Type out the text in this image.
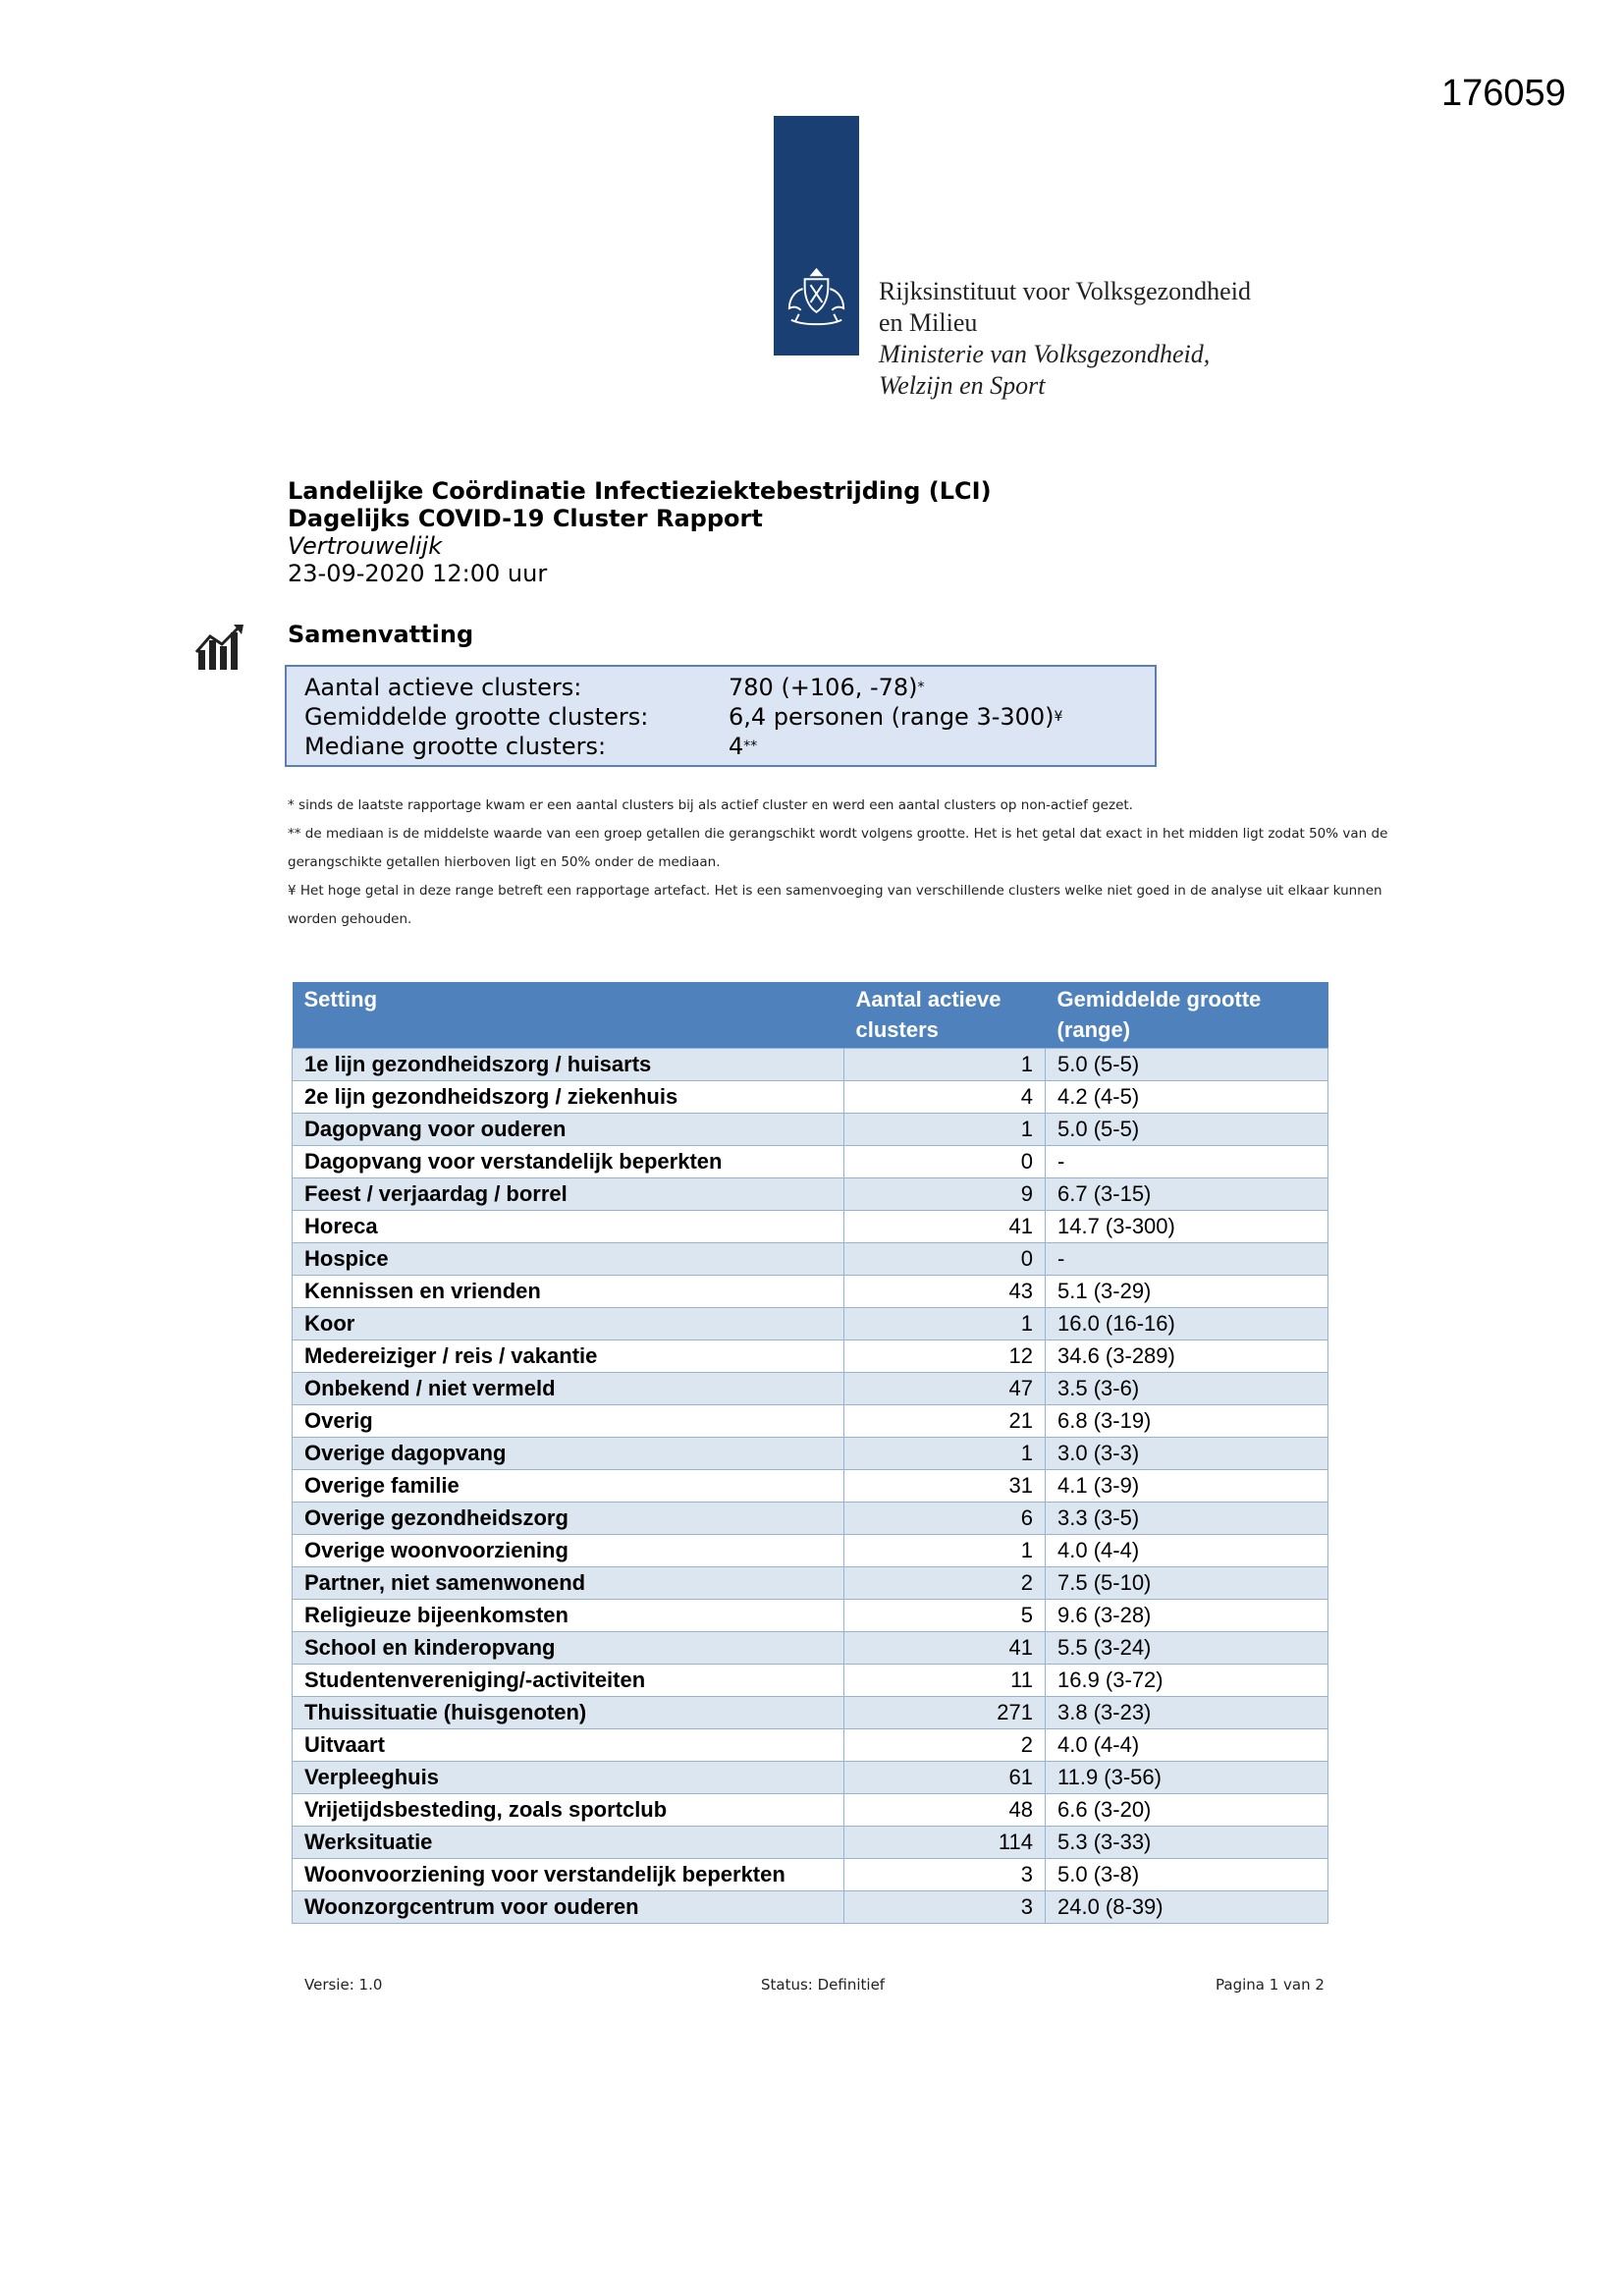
176059
Rijksinstituut voor Volksgezondheid
en Milieu
Ministerie van Volksgezondheid,
Welzijn en Sport
Landelijke Coördinatie Infectieziektebestrijding (LCI)
Dagelijks COVID-19 Cluster Rapport
Vertrouwelijk
23-09-2020 12:00 uur
Samenvatting
Aantal actieve clusters:	780 (+106, -78)*
Gemiddelde grootte clusters:	6,4 personen (range 3-300)¥
Mediane grootte clusters:	4**
* sinds de laatste rapportage kwam er een aantal clusters bij als actief cluster en werd een aantal clusters op non-actief gezet.
** de mediaan is de middelste waarde van een groep getallen die gerangschikt wordt volgens grootte. Het is het getal dat exact in het midden ligt zodat 50% van de gerangschikte getallen hierboven ligt en 50% onder de mediaan.
¥ Het hoge getal in deze range betreft een rapportage artefact. Het is een samenvoeging van verschillende clusters welke niet goed in de analyse uit elkaar kunnen worden gehouden.
Setting	Aantal actieve clusters	Gemiddelde grootte (range)
1e lijn gezondheidszorg / huisarts	1	5.0 (5-5)
2e lijn gezondheidszorg / ziekenhuis	4	4.2 (4-5)
Dagopvang voor ouderen	1	5.0 (5-5)
Dagopvang voor verstandelijk beperkten	0	-
Feest / verjaardag / borrel	9	6.7 (3-15)
Horeca	41	14.7 (3-300)
Hospice	0	-
Kennissen en vrienden	43	5.1 (3-29)
Koor	1	16.0 (16-16)
Medereiziger / reis / vakantie	12	34.6 (3-289)
Onbekend / niet vermeld	47	3.5 (3-6)
Overig	21	6.8 (3-19)
Overige dagopvang	1	3.0 (3-3)
Overige familie	31	4.1 (3-9)
Overige gezondheidszorg	6	3.3 (3-5)
Overige woonvoorziening	1	4.0 (4-4)
Partner, niet samenwonend	2	7.5 (5-10)
Religieuze bijeenkomsten	5	9.6 (3-28)
School en kinderopvang	41	5.5 (3-24)
Studentenvereniging/-activiteiten	11	16.9 (3-72)
Thuissituatie (huisgenoten)	271	3.8 (3-23)
Uitvaart	2	4.0 (4-4)
Verpleeghuis	61	11.9 (3-56)
Vrijetijdsbesteding, zoals sportclub	48	6.6 (3-20)
Werksituatie	114	5.3 (3-33)
Woonvoorziening voor verstandelijk beperkten	3	5.0 (3-8)
Woonzorgcentrum voor ouderen	3	24.0 (8-39)
Versie: 1.0	Status: Definitief	Pagina 1 van 2
